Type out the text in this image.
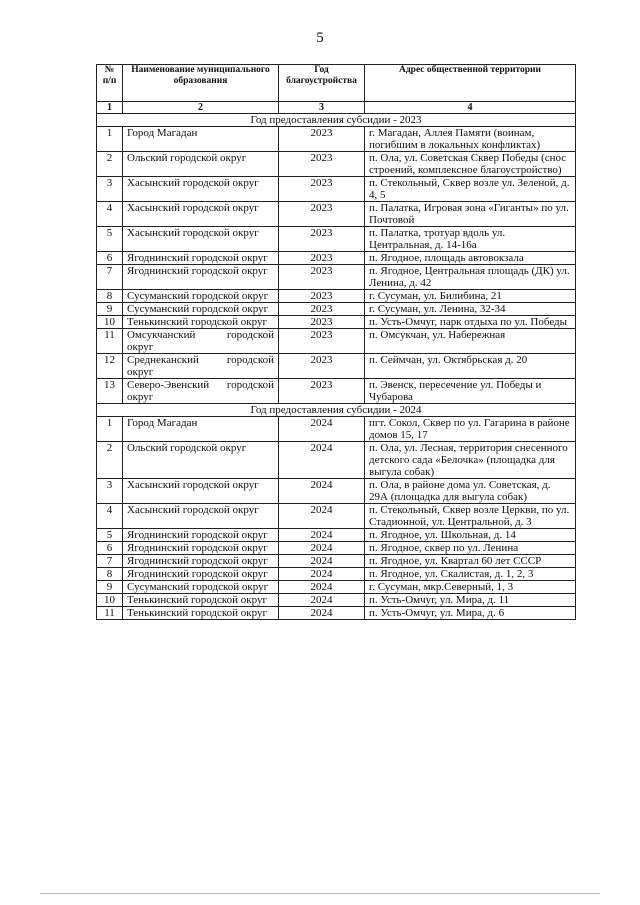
5
№ п/п	Наименование муниципального образования	Год благоустройства	Адрес общественной территории
1	2	3	4
Год предоставления субсидии - 2023			
1	Город Магадан	2023	г. Магадан, Аллея Памяти (воинам, погибшим в локальных конфликтах)
2	Ольский городской округ	2023	п. Ола, ул. Советская Сквер Победы (снос строений, комплексное благоустройство)
3	Хасынский городской округ	2023	п. Стекольный, Сквер возле ул. Зеленой, д. 4, 5
4	Хасынский городской округ	2023	п. Палатка, Игровая зона «Гиганты» по ул. Почтовой
5	Хасынский городской округ	2023	п. Палатка, тротуар вдоль ул. Центральная, д. 14-16а
6	Ягоднинский городской округ	2023	п. Ягодное, площадь автовокзала
7	Ягоднинский городской округ	2023	п. Ягодное, Центральная площадь (ДК) ул. Ленина, д. 42
8	Сусуманский городской округ	2023	г. Сусуман, ул. Билибина, 21
9	Сусуманский городской округ	2023	г. Сусуман, ул. Ленина, 32-34
10	Тенькинский городской округ	2023	п. Усть-Омчуг, парк отдыха по ул. Победы
11	Омсукчанский городской округ	2023	п. Омсукчан, ул. Набережная
12	Среднеканский городской округ	2023	п. Сеймчан, ул. Октябрьская д. 20
13	Северо-Эвенский городской округ	2023	п. Эвенск, пересечение ул. Победы и Чубарова
Год предоставления субсидии - 2024			
1	Город Магадан	2024	пгт. Сокол, Сквер по ул. Гагарина в районе домов 15, 17
2	Ольский городской округ	2024	п. Ола, ул. Лесная, территория снесенного детского сада «Белочка» (площадка для выгула собак)
3	Хасынский городской округ	2024	п. Ола, в районе дома ул. Советская, д. 29А (площадка для выгула собак)
4	Хасынский городской округ	2024	п. Стекольный, Сквер возле Церкви, по ул. Стадионной, ул. Центральной, д. 3
5	Ягоднинский городской округ	2024	п. Ягодное, ул. Школьная, д. 14
6	Ягоднинский городской округ	2024	п. Ягодное, сквер по ул. Ленина
7	Ягоднинский городской округ	2024	п. Ягодное, ул. Квартал 60 лет СССР
8	Ягоднинский городской округ	2024	п. Ягодное, ул. Скалистая, д. 1, 2, 3
9	Сусуманский городской округ	2024	г. Сусуман, мкр.Северный, 1, 3
10	Тенькинский городской округ	2024	п. Усть-Омчуг, ул. Мира, д. 11
11	Тенькинский городской округ	2024	п. Усть-Омчуг, ул. Мира, д. 6
